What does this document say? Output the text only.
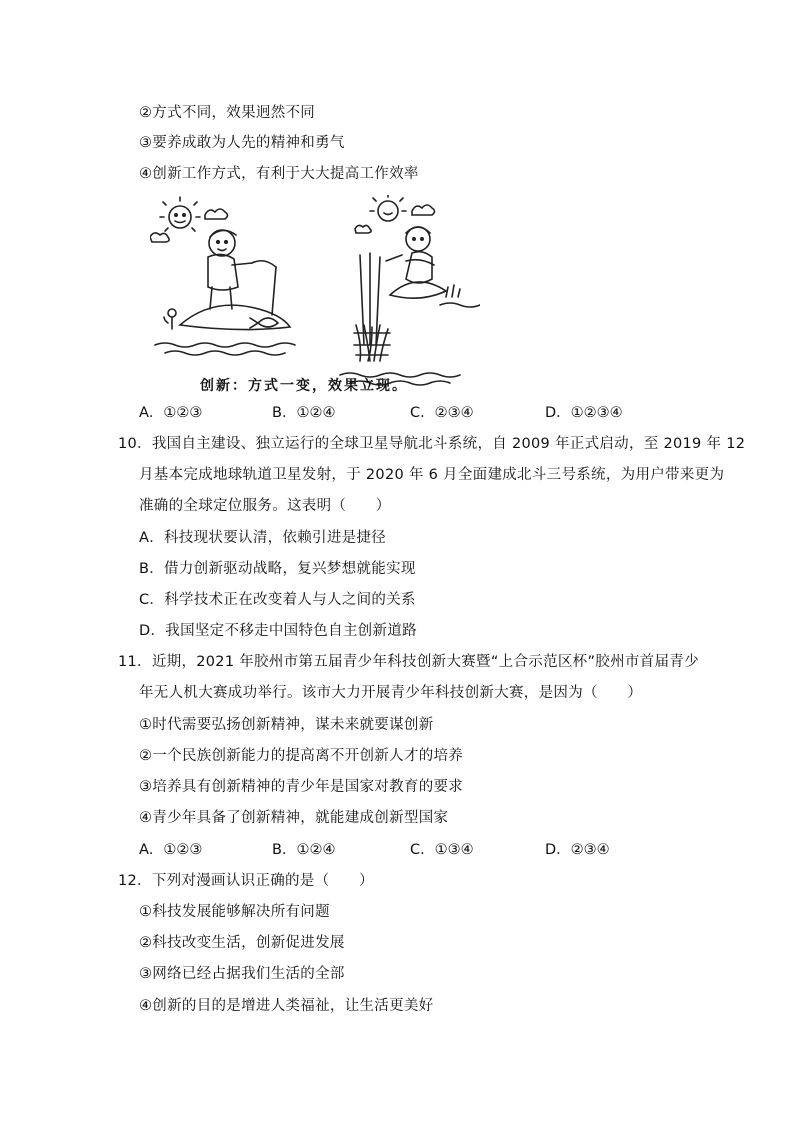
②方式不同，效果迥然不同
③要养成敢为人先的精神和勇气
④创新工作方式，有利于大大提高工作效率
创新：方式一变，效果立现。
A．①②③	B．①②④	C．②③④	D．①②③④
10．我国自主建设、独立运行的全球卫星导航北斗系统，自 2009 年正式启动，至 2019 年 12
月基本完成地球轨道卫星发射，于 2020 年 6 月全面建成北斗三号系统，为用户带来更为
准确的全球定位服务。这表明（　　）
A．科技现状要认清，依赖引进是捷径
B．借力创新驱动战略，复兴梦想就能实现
C．科学技术正在改变着人与人之间的关系
D．我国坚定不移走中国特色自主创新道路
11．近期，2021 年胶州市第五届青少年科技创新大赛暨“上合示范区杯”胶州市首届青少
年无人机大赛成功举行。该市大力开展青少年科技创新大赛，是因为（　　）
①时代需要弘扬创新精神，谋未来就要谋创新
②一个民族创新能力的提高离不开创新人才的培养
③培养具有创新精神的青少年是国家对教育的要求
④青少年具备了创新精神，就能建成创新型国家
A．①②③	B．①②④	C．①③④	D．②③④
12．下列对漫画认识正确的是（　　）
①科技发展能够解决所有问题
②科技改变生活，创新促进发展
③网络已经占据我们生活的全部
④创新的目的是增进人类福祉，让生活更美好
